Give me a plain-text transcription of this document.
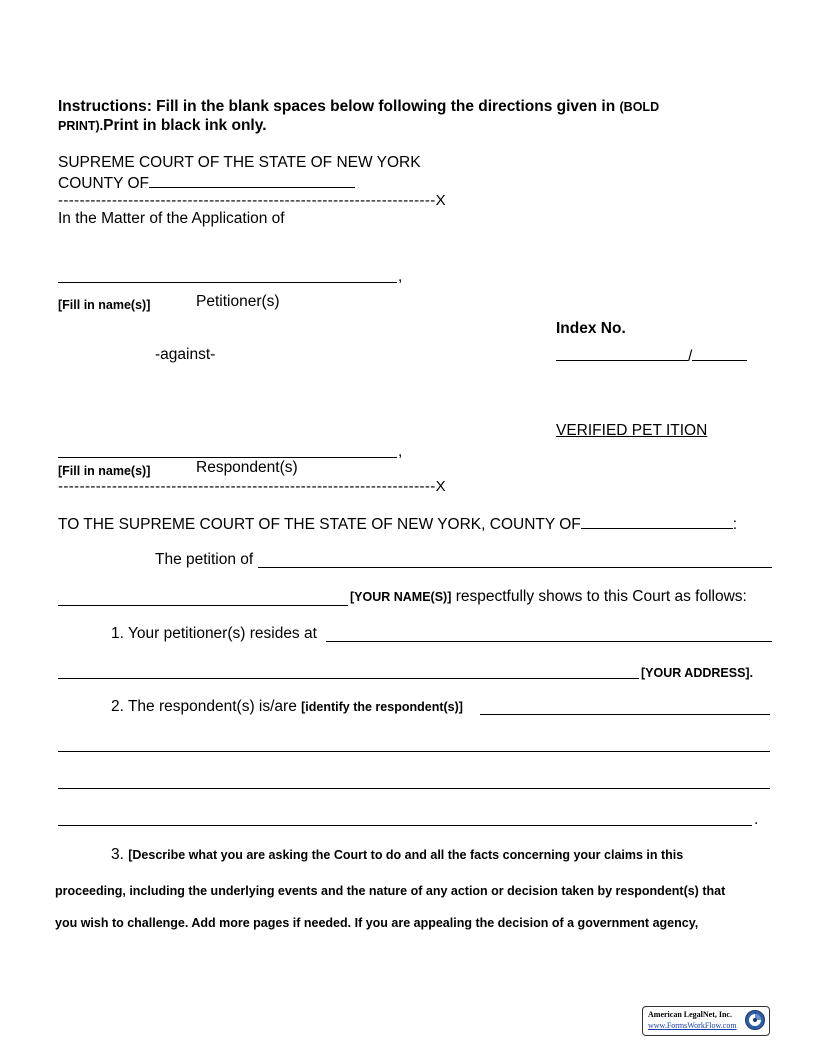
Instructions: Fill in the blank spaces below following the directions given in (BOLD
PRINT).Print in black ink only.
SUPREME COURT OF THE STATE OF NEW YORK
COUNTY OF
----------------------------------------------------------------------X
In the Matter of the Application of
,
[Fill in name(s)]	Petitioner(s)
Index No.
-against-	/
VERIFIED PET ITION
,
[Fill in name(s)]	Respondent(s)
----------------------------------------------------------------------X
TO THE SUPREME COURT OF THE STATE OF NEW YORK, COUNTY OF	:
The petition of
[YOUR NAME(S)] respectfully shows to this Court as follows:
1. Your petitioner(s) resides at
[YOUR ADDRESS].
2. The respondent(s) is/are [identify the respondent(s)]
.
3. [Describe what you are asking the Court to do and all the facts concerning your claims in this
proceeding, including the underlying events and the nature of any action or decision taken by respondent(s) that
you wish to challenge. Add more pages if needed. If you are appealing the decision of a government agency,
American LegalNet, Inc.
www.FormsWorkFlow.com
